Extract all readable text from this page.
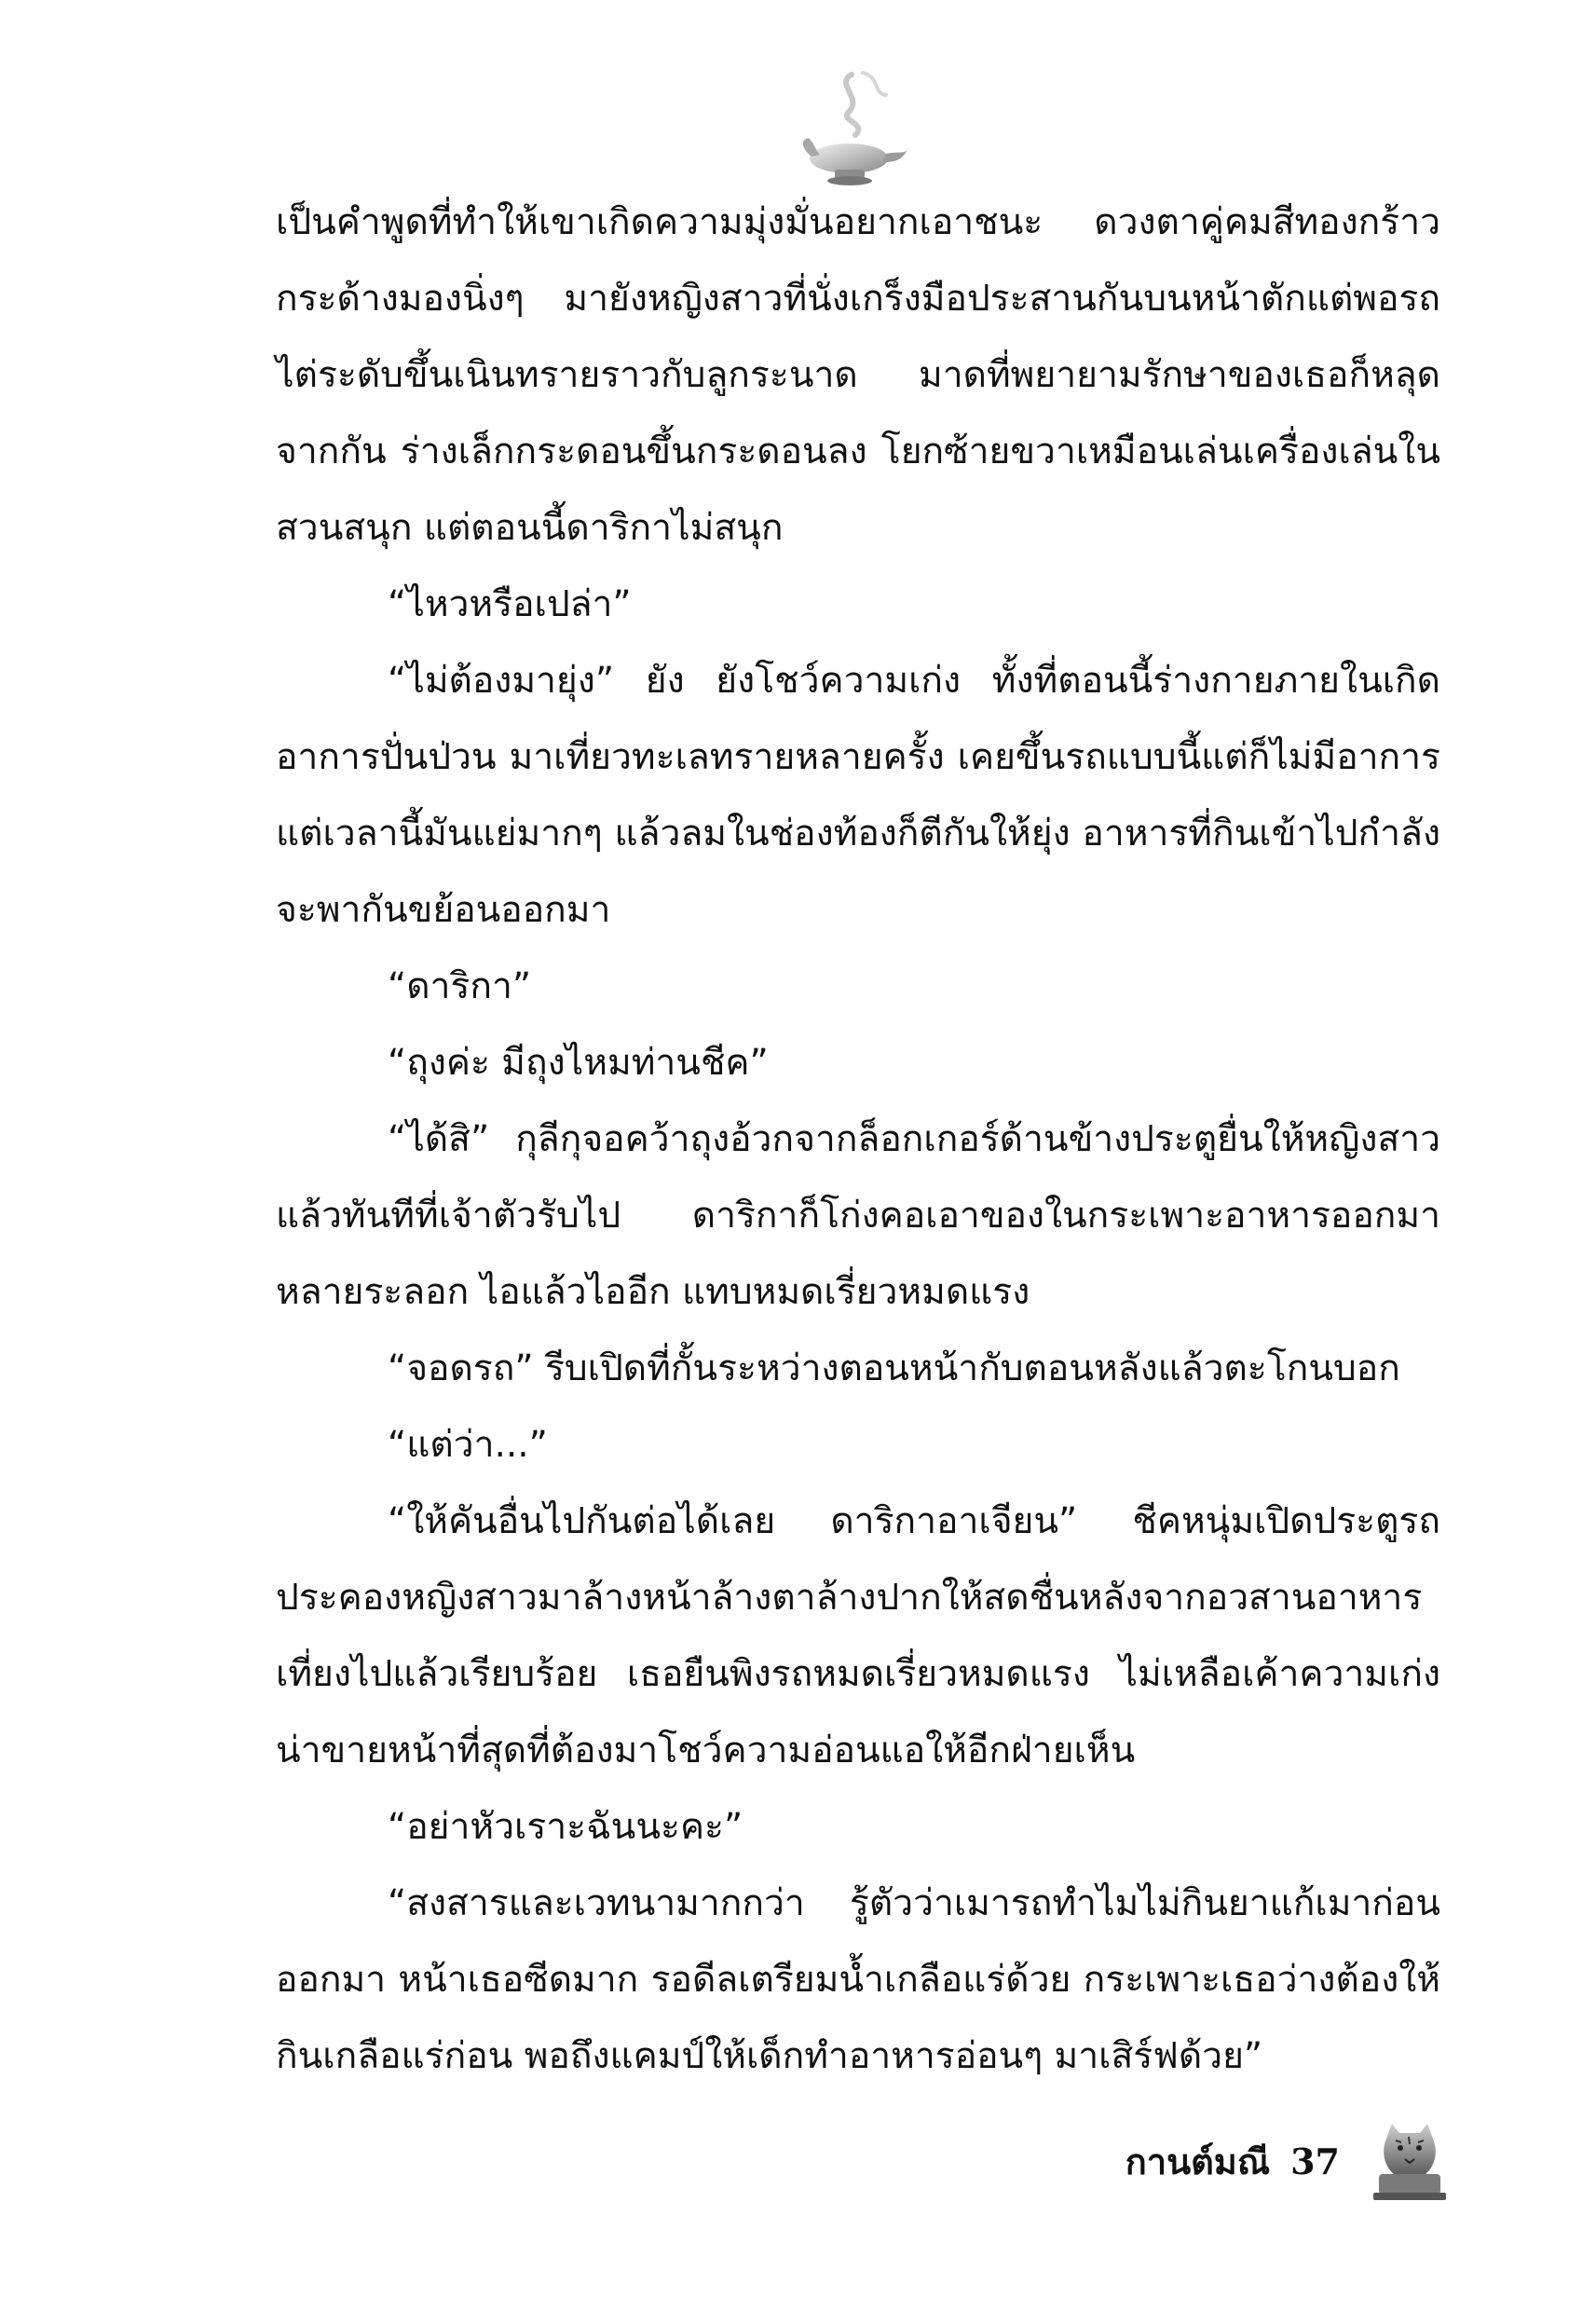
เป็นคำพูดที่ทำให้เขาเกิดความมุ่งมั่นอยากเอาชนะ ดวงตาคู่คมสีทองกร้าวกระด้างมองนิ่งๆ มายังหญิงสาวที่นั่งเกร็งมือประสานกันบนหน้าตักแต่พอรถไต่ระดับขึ้นเนินทรายราวกับลูกระนาด มาดที่พยายามรักษาของเธอก็หลุดจากกัน ร่างเล็กกระดอนขึ้นกระดอนลง โยกซ้ายขวาเหมือนเล่นเครื่องเล่นในสวนสนุก แต่ตอนนี้ดาริกาไม่สนุก

“ไหวหรือเปล่า”

“ไม่ต้องมายุ่ง” ยัง ยังโชว์ความเก่ง ทั้งที่ตอนนี้ร่างกายภายในเกิดอาการปั่นป่วน มาเที่ยวทะเลทรายหลายครั้ง เคยขึ้นรถแบบนี้แต่ก็ไม่มีอาการ แต่เวลานี้มันแย่มากๆ แล้วลมในช่องท้องก็ตีกันให้ยุ่ง อาหารที่กินเข้าไปกำลังจะพากันขย้อนออกมา

“ดาริกา”

“ถุงค่ะ มีถุงไหมท่านชีค”

“ได้สิ” กุลีกุจอคว้าถุงอ้วกจากล็อกเกอร์ด้านข้างประตูยื่นให้หญิงสาว แล้วทันทีที่เจ้าตัวรับไป ดาริกาก็โก่งคอเอาของในกระเพาะอาหารออกมาหลายระลอก ไอแล้วไออีก แทบหมดเรี่ยวหมดแรง

“จอดรถ” รีบเปิดที่กั้นระหว่างตอนหน้ากับตอนหลังแล้วตะโกนบอก

“แต่ว่า...”

“ให้คันอื่นไปกันต่อได้เลย ดาริกาอาเจียน” ชีคหนุ่มเปิดประตูรถประคองหญิงสาวมาล้างหน้าล้างตาล้างปากให้สดชื่นหลังจากอวสานอาหารเที่ยงไปแล้วเรียบร้อย เธอยืนพิงรถหมดเรี่ยวหมดแรง ไม่เหลือเค้าความเก่ง น่าขายหน้าที่สุดที่ต้องมาโชว์ความอ่อนแอให้อีกฝ่ายเห็น

“อย่าหัวเราะฉันนะคะ”

“สงสารและเวทนามากกว่า รู้ตัวว่าเมารถทำไมไม่กินยาแก้เมาก่อนออกมา หน้าเธอซีดมาก รอดีลเตรียมน้ำเกลือแร่ด้วย กระเพาะเธอว่างต้องให้กินเกลือแร่ก่อน พอถึงแคมป์ให้เด็กทำอาหารอ่อนๆ มาเสิร์ฟด้วย”

กานต์มณี 37
